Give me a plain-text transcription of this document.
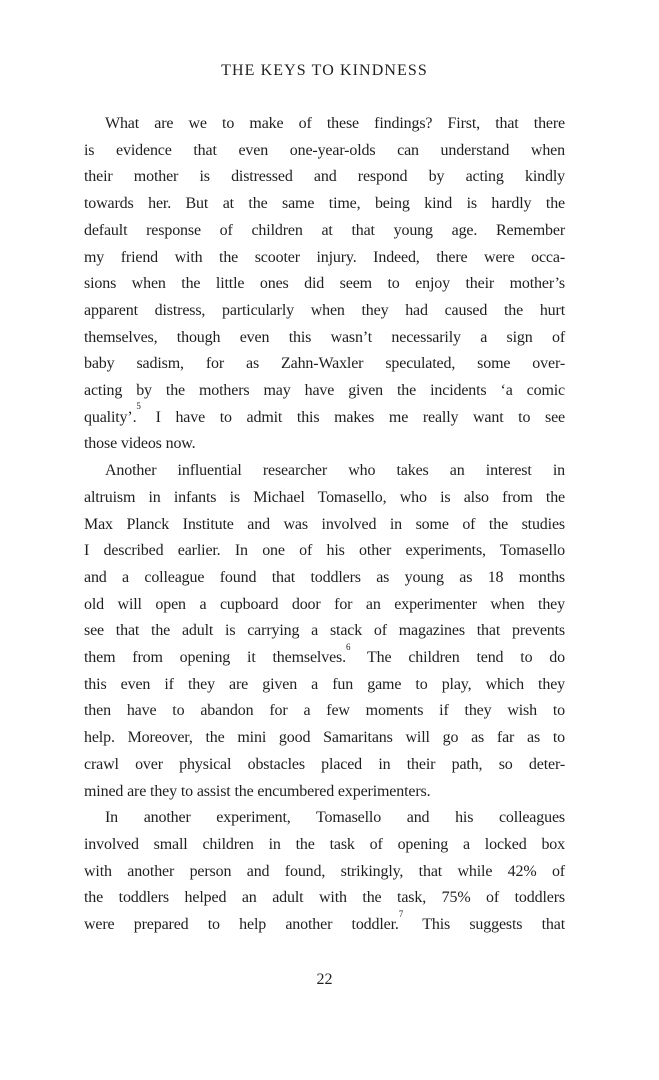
THE KEYS TO KINDNESS
What are we to make of these findings? First, that there
is evidence that even one-year-olds can understand when
their mother is distressed and respond by acting kindly
towards her. But at the same time, being kind is hardly the
default response of children at that young age. Remember
my friend with the scooter injury. Indeed, there were occa-
sions when the little ones did seem to enjoy their mother’s
apparent distress, particularly when they had caused the hurt
themselves, though even this wasn’t necessarily a sign of
baby sadism, for as Zahn-Waxler speculated, some over-
acting by the mothers may have given the incidents ‘a comic
quality’.$^5$ I have to admit this makes me really want to see
those videos now.
Another influential researcher who takes an interest in
altruism in infants is Michael Tomasello, who is also from the
Max Planck Institute and was involved in some of the studies
I described earlier. In one of his other experiments, Tomasello
and a colleague found that toddlers as young as 18 months
old will open a cupboard door for an experimenter when they
see that the adult is carrying a stack of magazines that prevents
them from opening it themselves.$^6$ The children tend to do
this even if they are given a fun game to play, which they
then have to abandon for a few moments if they wish to
help. Moreover, the mini good Samaritans will go as far as to
crawl over physical obstacles placed in their path, so deter-
mined are they to assist the encumbered experimenters.
In another experiment, Tomasello and his colleagues
involved small children in the task of opening a locked box
with another person and found, strikingly, that while 42% of
the toddlers helped an adult with the task, 75% of toddlers
were prepared to help another toddler.$^7$ This suggests that
22
